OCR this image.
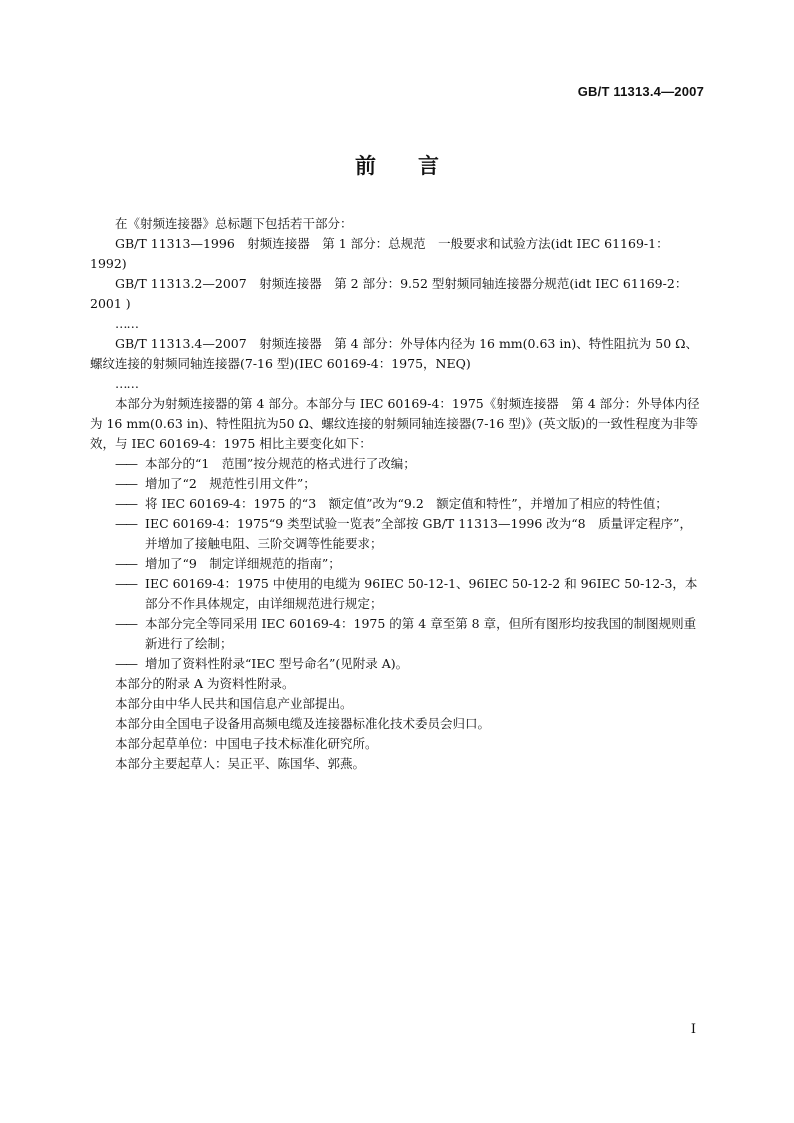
GB/T 11313.4—2007
前 言

在《射频连接器》总标题下包括若干部分：

GB/T 11313—1996　射频连接器　第 1 部分：总规范　一般要求和试验方法(idt IEC 61169-1：1992)

GB/T 11313.2—2007　射频连接器　第 2 部分：9.52 型射频同轴连接器分规范(idt IEC 61169-2：2001 )

……

GB/T 11313.4—2007　射频连接器　第 4 部分：外导体内径为 16 mm(0.63 in)、特性阻抗为 50 Ω、螺纹连接的射频同轴连接器(7-16 型)(IEC 60169-4：1975，NEQ)

……

本部分为射频连接器的第 4 部分。本部分与 IEC 60169-4：1975《射频连接器　第 4 部分：外导体内径为 16 mm(0.63 in)、特性阻抗为50 Ω、螺纹连接的射频同轴连接器(7-16 型)》(英文版)的一致性程度为非等效，与 IEC 60169-4：1975 相比主要变化如下：

—— 本部分的“1　范围”按分规范的格式进行了改编；

—— 增加了“2　规范性引用文件”；

—— 将 IEC 60169-4：1975 的“3　额定值”改为“9.2　额定值和特性”，并增加了相应的特性值；

—— IEC 60169-4：1975“9 类型试验一览表”全部按 GB/T 11313—1996 改为“8　质量评定程序”，并增加了接触电阻、三阶交调等性能要求；

—— 增加了“9　制定详细规范的指南”；

—— IEC 60169-4：1975 中使用的电缆为 96IEC 50-12-1、96IEC 50-12-2 和 96IEC 50-12-3，本部分不作具体规定，由详细规范进行规定；

—— 本部分完全等同采用 IEC 60169-4：1975 的第 4 章至第 8 章，但所有图形均按我国的制图规则重新进行了绘制；

—— 增加了资料性附录“IEC 型号命名”(见附录 A)。

本部分的附录 A 为资料性附录。

本部分由中华人民共和国信息产业部提出。

本部分由全国电子设备用高频电缆及连接器标准化技术委员会归口。

本部分起草单位：中国电子技术标准化研究所。

本部分主要起草人：吴正平、陈国华、郭燕。

I
